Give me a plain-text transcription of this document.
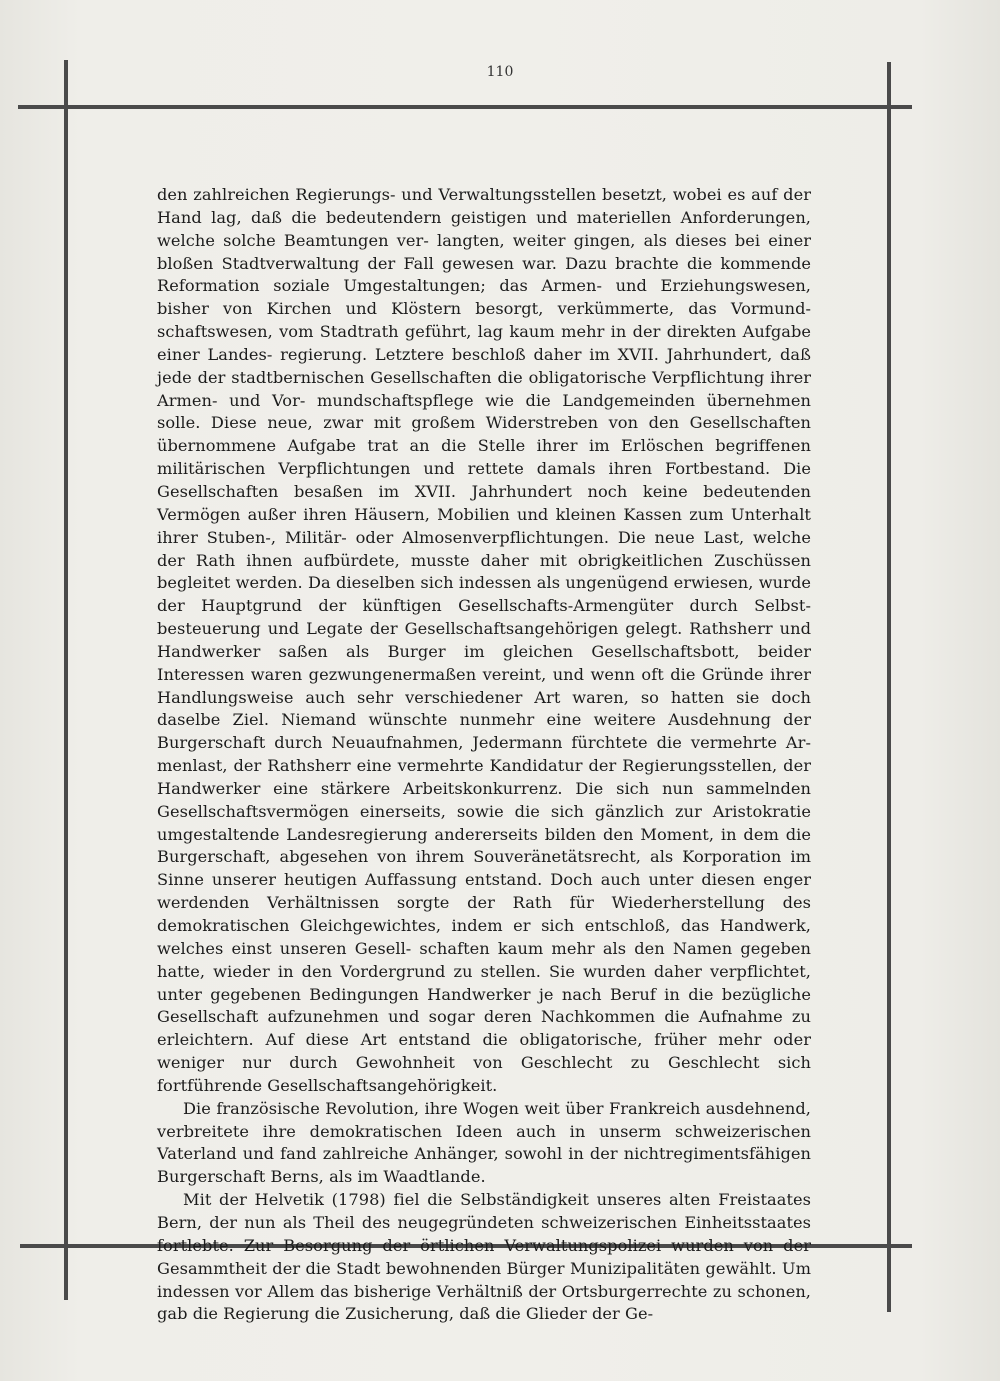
110

den zahlreichen Regierungs- und Verwaltungsstellen besetzt, wobei es auf der Hand lag, daß die bedeutendern geistigen und materiellen Anforderungen, welche solche Beamtungen ver- langten, weiter gingen, als dieses bei einer bloßen Stadtverwaltung der Fall gewesen war. Dazu brachte die kommende Reformation soziale Umgestaltungen; das Armen- und Erziehungswesen, bisher von Kirchen und Klöstern besorgt, verkümmerte, das Vormund- schaftswesen, vom Stadtrath geführt, lag kaum mehr in der direkten Aufgabe einer Landes- regierung. Letztere beschloß daher im XVII. Jahrhundert, daß jede der stadtbernischen Gesellschaften die obligatorische Verpflichtung ihrer Armen- und Vor- mundschaftspflege wie die Landgemeinden übernehmen solle. Diese neue, zwar mit großem Widerstreben von den Gesellschaften übernommene Aufgabe trat an die Stelle ihrer im Erlöschen begriffenen militärischen Verpflichtungen und rettete damals ihren Fortbestand. Die Gesellschaften besaßen im XVII. Jahrhundert noch keine bedeutenden Vermögen außer ihren Häusern, Mobilien und kleinen Kassen zum Unterhalt ihrer Stuben-, Militär- oder Almosenverpflichtungen. Die neue Last, welche der Rath ihnen aufbürdete, musste daher mit obrigkeitlichen Zuschüssen begleitet werden. Da dieselben sich indessen als ungenügend erwiesen, wurde der Hauptgrund der künftigen Gesellschafts-Armengüter durch Selbst- besteuerung und Legate der Gesellschaftsangehörigen gelegt. Rathsherr und Handwerker saßen als Burger im gleichen Gesellschaftsbott, beider Interessen waren gezwungenermaßen vereint, und wenn oft die Gründe ihrer Handlungsweise auch sehr verschiedener Art waren, so hatten sie doch daselbe Ziel. Niemand wünschte nunmehr eine weitere Ausdehnung der Burgerschaft durch Neuaufnahmen, Jedermann fürchtete die vermehrte Ar- menlast, der Rathsherr eine vermehrte Kandidatur der Regierungsstellen, der Handwerker eine stärkere Arbeitskonkurrenz. Die sich nun sammelnden Gesellschaftsvermögen einerseits, sowie die sich gänzlich zur Aristokratie umgestaltende Landesregierung andererseits bilden den Moment, in dem die Burgerschaft, abgesehen von ihrem Souveränetätsrecht, als Korporation im Sinne unserer heutigen Auffassung entstand. Doch auch unter diesen enger werdenden Verhältnissen sorgte der Rath für Wiederherstellung des demokratischen Gleichgewichtes, indem er sich entschloß, das Handwerk, welches einst unseren Gesell- schaften kaum mehr als den Namen gegeben hatte, wieder in den Vordergrund zu stellen. Sie wurden daher verpflichtet, unter gegebenen Bedingungen Handwerker je nach Beruf in die bezügliche Gesellschaft aufzunehmen und sogar deren Nachkommen die Aufnahme zu erleichtern. Auf diese Art entstand die obligatorische, früher mehr oder weniger nur durch Gewohnheit von Geschlecht zu Geschlecht sich fortführende Gesellschaftsangehörigkeit.

Die französische Revolution, ihre Wogen weit über Frankreich ausdehnend, verbreitete ihre demokratischen Ideen auch in unserm schweizerischen Vaterland und fand zahlreiche Anhänger, sowohl in der nichtregimentsfähigen Burgerschaft Berns, als im Waadtlande.

Mit der Helvetik (1798) fiel die Selbständigkeit unseres alten Freistaates Bern, der nun als Theil des neugegründeten schweizerischen Einheitsstaates fortlebte. Zur Besorgung der örtlichen Verwaltungspolizei wurden von der Gesammtheit der die Stadt bewohnenden Bürger Munizipalitäten gewählt. Um indessen vor Allem das bisherige Verhältniß der Ortsburgerrechte zu schonen, gab die Regierung die Zusicherung, daß die Glieder der Ge-
